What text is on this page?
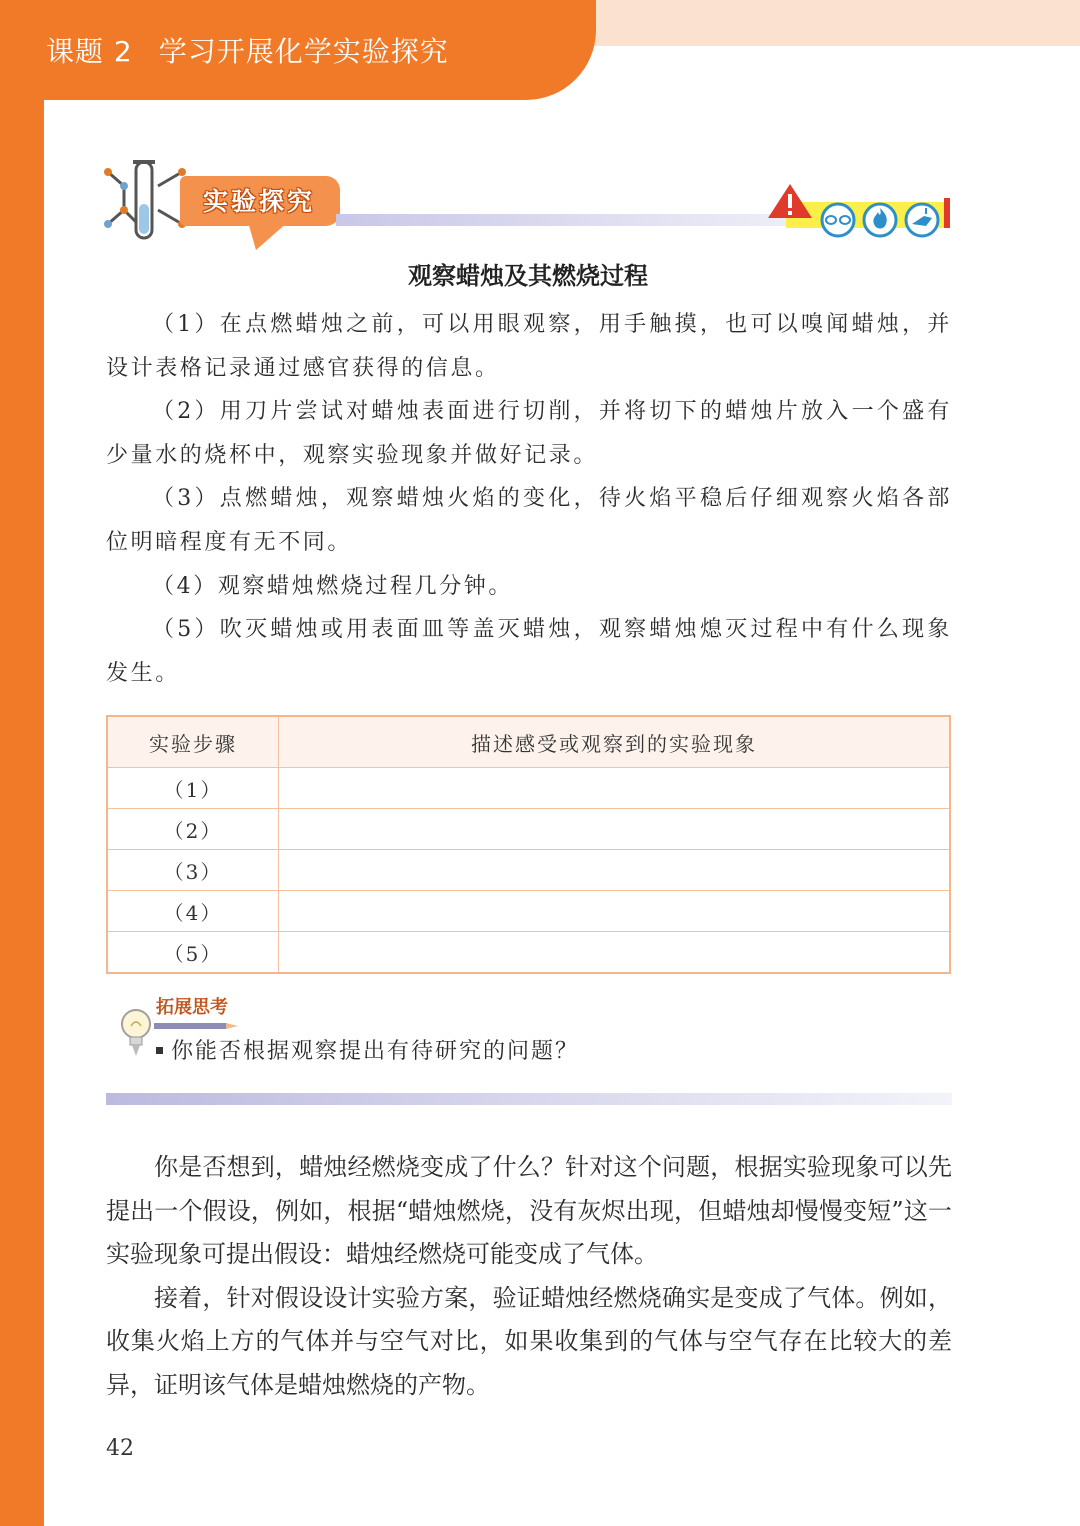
课题 2 学习开展化学实验探究
实验探究
观察蜡烛及其燃烧过程

（1）在点燃蜡烛之前，可以用眼观察，用手触摸，也可以嗅闻蜡烛，并设计表格记录通过感官获得的信息。

（2）用刀片尝试对蜡烛表面进行切削，并将切下的蜡烛片放入一个盛有少量水的烧杯中，观察实验现象并做好记录。

（3）点燃蜡烛，观察蜡烛火焰的变化，待火焰平稳后仔细观察火焰各部位明暗程度有无不同。

（4）观察蜡烛燃烧过程几分钟。

（5）吹灭蜡烛或用表面皿等盖灭蜡烛，观察蜡烛熄灭过程中有什么现象发生。

实验步骤	描述感受或观察到的实验现象
（1）	
（2）	
（3）	
（4）	
（5）	
拓展思考
你能否根据观察提出有待研究的问题？

你是否想到，蜡烛经燃烧变成了什么？针对这个问题，根据实验现象可以先提出一个假设，例如，根据“蜡烛燃烧，没有灰烬出现，但蜡烛却慢慢变短”这一实验现象可提出假设：蜡烛经燃烧可能变成了气体。

接着，针对假设设计实验方案，验证蜡烛经燃烧确实是变成了气体。例如，收集火焰上方的气体并与空气对比，如果收集到的气体与空气存在比较大的差异，证明该气体是蜡烛燃烧的产物。

42
